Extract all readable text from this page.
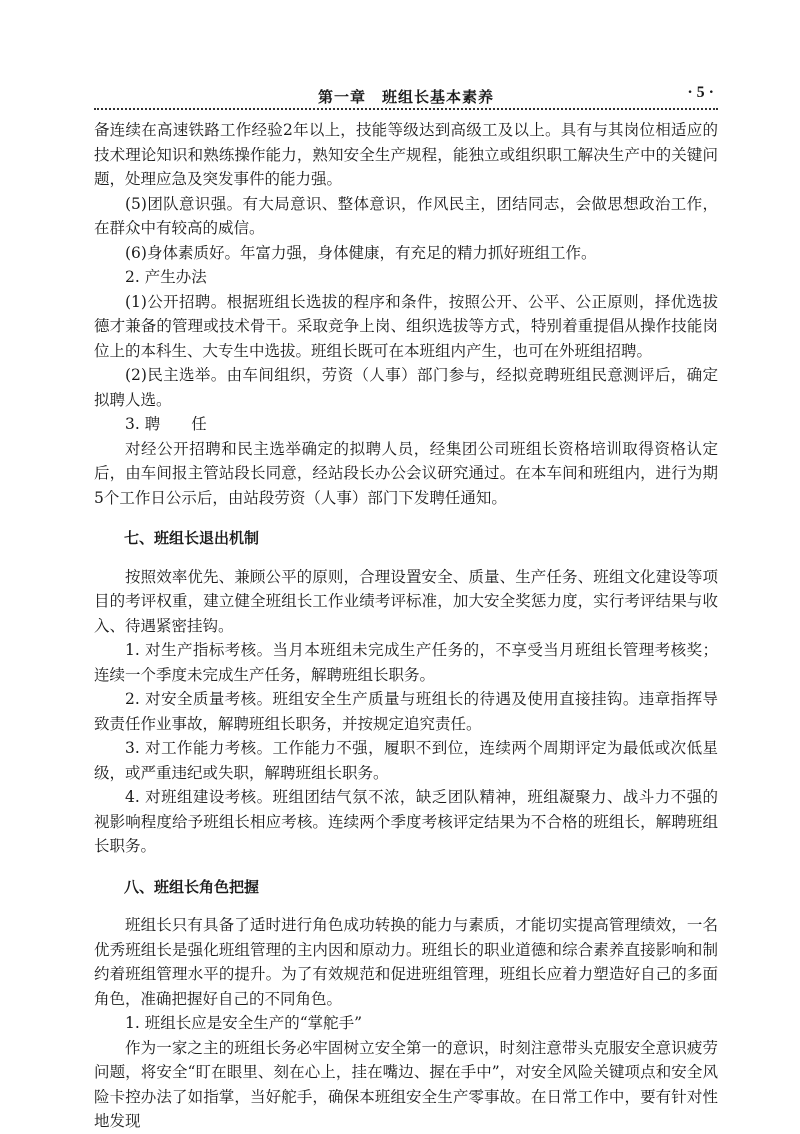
第一章　班组长基本素养	· 5 ·

备连续在高速铁路工作经验2年以上，技能等级达到高级工及以上。具有与其岗位相适应的技术理论知识和熟练操作能力，熟知安全生产规程，能独立或组织职工解决生产中的关键问题，处理应急及突发事件的能力强。

(5)团队意识强。有大局意识、整体意识，作风民主，团结同志，会做思想政治工作，在群众中有较高的威信。

(6)身体素质好。年富力强，身体健康，有充足的精力抓好班组工作。

2. 产生办法

(1)公开招聘。根据班组长选拔的程序和条件，按照公开、公平、公正原则，择优选拔德才兼备的管理或技术骨干。采取竞争上岗、组织选拔等方式，特别着重提倡从操作技能岗位上的本科生、大专生中选拔。班组长既可在本班组内产生，也可在外班组招聘。

(2)民主选举。由车间组织，劳资（人事）部门参与，经拟竞聘班组民意测评后，确定拟聘人选。

3. 聘　　任

对经公开招聘和民主选举确定的拟聘人员，经集团公司班组长资格培训取得资格认定后，由车间报主管站段长同意，经站段长办公会议研究通过。在本车间和班组内，进行为期5个工作日公示后，由站段劳资（人事）部门下发聘任通知。

七、班组长退出机制

按照效率优先、兼顾公平的原则，合理设置安全、质量、生产任务、班组文化建设等项目的考评权重，建立健全班组长工作业绩考评标准，加大安全奖惩力度，实行考评结果与收入、待遇紧密挂钩。

1. 对生产指标考核。当月本班组未完成生产任务的，不享受当月班组长管理考核奖；连续一个季度未完成生产任务，解聘班组长职务。

2. 对安全质量考核。班组安全生产质量与班组长的待遇及使用直接挂钩。违章指挥导致责任作业事故，解聘班组长职务，并按规定追究责任。

3. 对工作能力考核。工作能力不强，履职不到位，连续两个周期评定为最低或次低星级，或严重违纪或失职，解聘班组长职务。

4. 对班组建设考核。班组团结气氛不浓，缺乏团队精神，班组凝聚力、战斗力不强的视影响程度给予班组长相应考核。连续两个季度考核评定结果为不合格的班组长，解聘班组长职务。

八、班组长角色把握

班组长只有具备了适时进行角色成功转换的能力与素质，才能切实提高管理绩效，一名优秀班组长是强化班组管理的主内因和原动力。班组长的职业道德和综合素养直接影响和制约着班组管理水平的提升。为了有效规范和促进班组管理，班组长应着力塑造好自己的多面角色，准确把握好自己的不同角色。

1. 班组长应是安全生产的“掌舵手”

作为一家之主的班组长务必牢固树立安全第一的意识，时刻注意带头克服安全意识疲劳问题，将安全“盯在眼里、刻在心上，挂在嘴边、握在手中”，对安全风险关键项点和安全风险卡控办法了如指掌，当好舵手，确保本班组安全生产零事故。在日常工作中，要有针对性地发现
